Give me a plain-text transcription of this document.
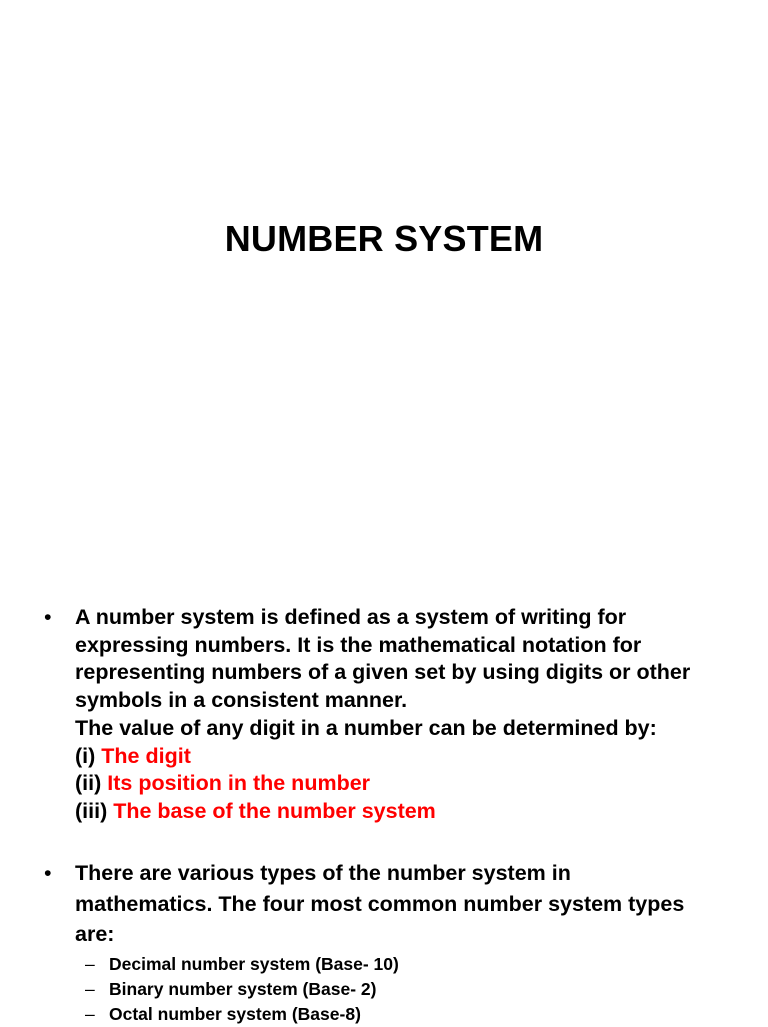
NUMBER SYSTEM
• A number system is defined as a system of writing for
expressing numbers. It is the mathematical notation for
representing numbers of a given set by using digits or other
symbols in a consistent manner.
The value of any digit in a number can be determined by:
(i) The digit
(ii) Its position in the number
(iii) The base of the number system
• There are various types of the number system in
mathematics. The four most common number system types
are:
– Decimal number system (Base- 10)
– Binary number system (Base- 2)
– Octal number system (Base-8)
